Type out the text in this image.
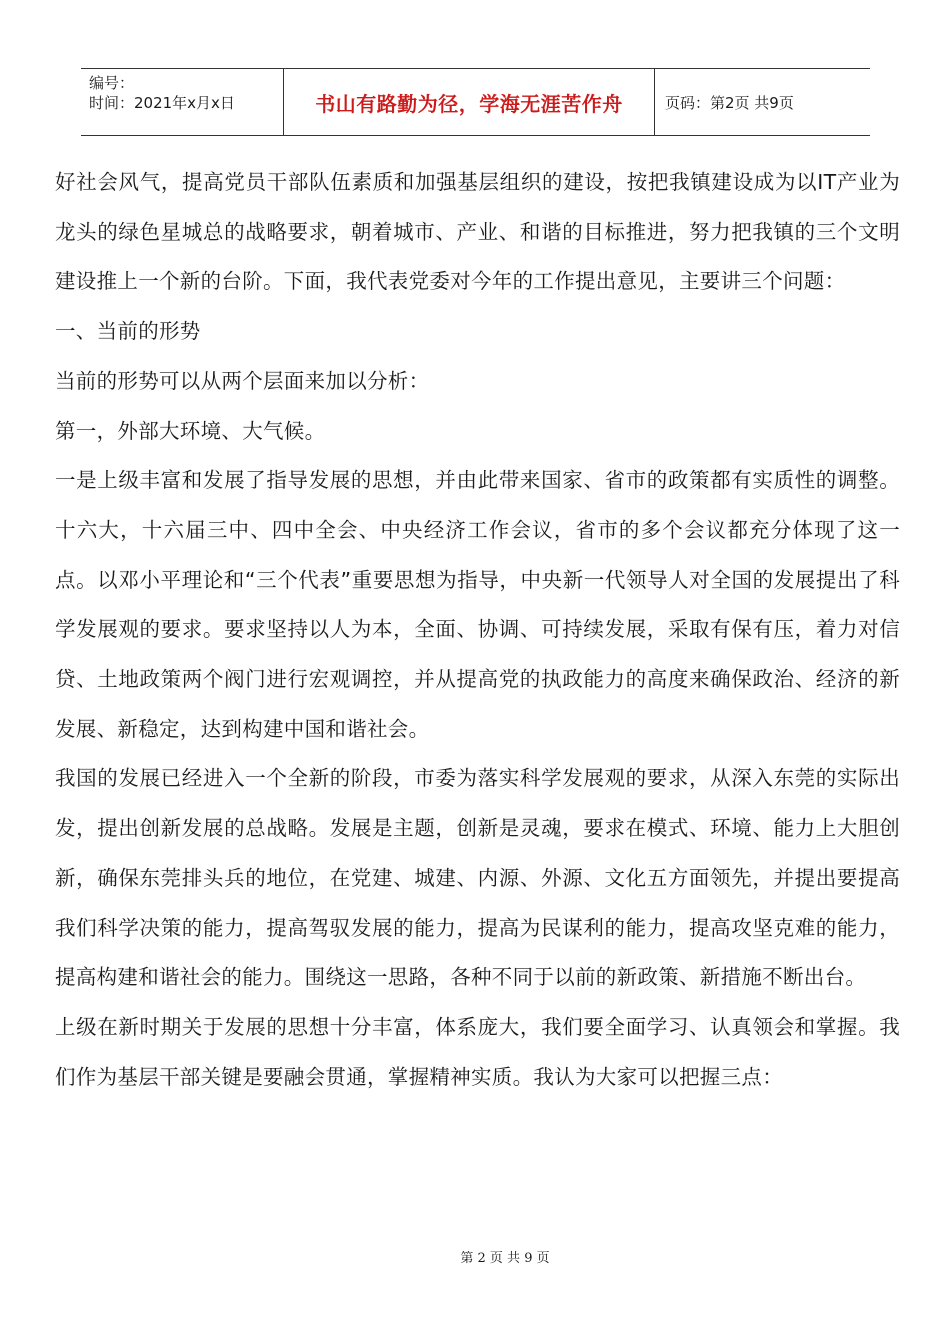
编号：
时间：2021年x月x日	书山有路勤为径，学海无涯苦作舟	页码：第2页 共9页

好社会风气，提高党员干部队伍素质和加强基层组织的建设，按把我镇建设成为以IT产业为龙头的绿色星城总的战略要求，朝着城市、产业、和谐的目标推进，努力把我镇的三个文明建设推上一个新的台阶。下面，我代表党委对今年的工作提出意见，主要讲三个问题：

一、当前的形势

当前的形势可以从两个层面来加以分析：

第一，外部大环境、大气候。

一是上级丰富和发展了指导发展的思想，并由此带来国家、省市的政策都有实质性的调整。十六大，十六届三中、四中全会、中央经济工作会议，省市的多个会议都充分体现了这一点。以邓小平理论和“三个代表”重要思想为指导，中央新一代领导人对全国的发展提出了科学发展观的要求。要求坚持以人为本，全面、协调、可持续发展，采取有保有压，着力对信贷、土地政策两个阀门进行宏观调控，并从提高党的执政能力的高度来确保政治、经济的新发展、新稳定，达到构建中国和谐社会。

我国的发展已经进入一个全新的阶段，市委为落实科学发展观的要求，从深入东莞的实际出发，提出创新发展的总战略。发展是主题，创新是灵魂，要求在模式、环境、能力上大胆创新，确保东莞排头兵的地位，在党建、城建、内源、外源、文化五方面领先，并提出要提高我们科学决策的能力，提高驾驭发展的能力，提高为民谋利的能力，提高攻坚克难的能力，提高构建和谐社会的能力。围绕这一思路，各种不同于以前的新政策、新措施不断出台。

上级在新时期关于发展的思想十分丰富，体系庞大，我们要全面学习、认真领会和掌握。我们作为基层干部关键是要融会贯通，掌握精神实质。我认为大家可以把握三点：

第 2 页 共 9 页
